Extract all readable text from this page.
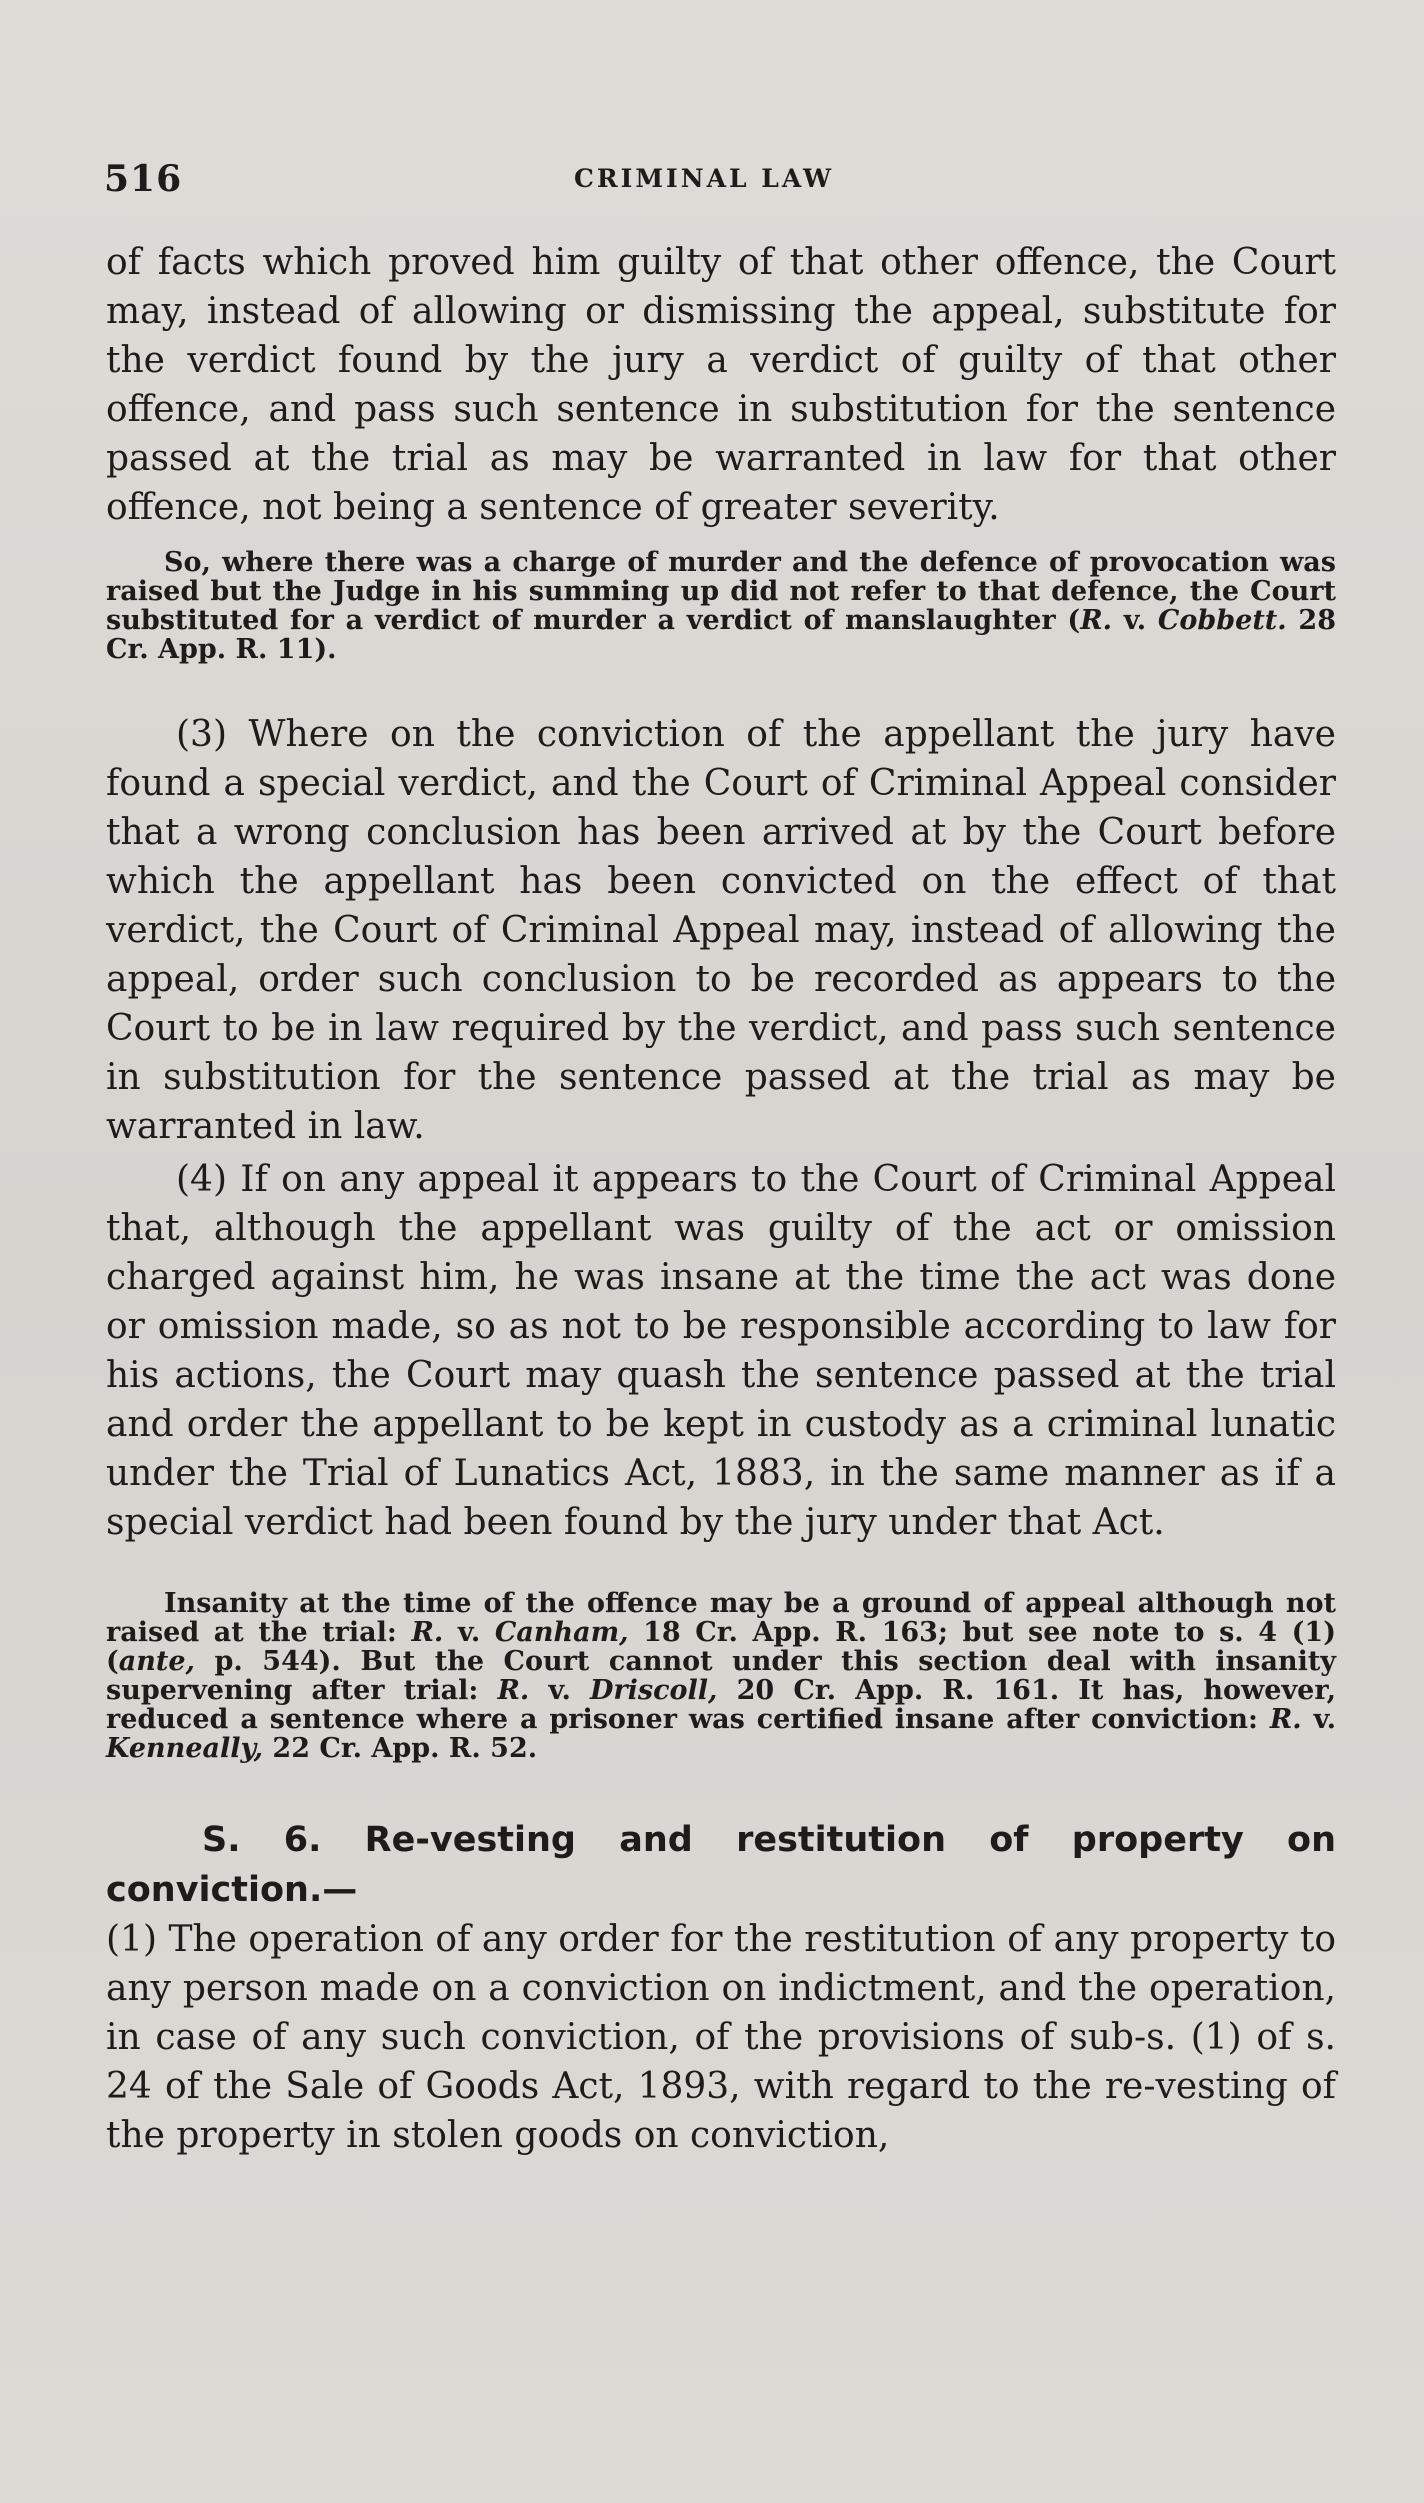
516	CRIMINAL LAW

of facts which proved him guilty of that other offence, the Court may, instead of allowing or dismissing the appeal, substitute for the verdict found by the jury a verdict of guilty of that other offence, and pass such sentence in substitution for the sentence passed at the trial as may be warranted in law for that other offence, not being a sentence of greater severity.

So, where there was a charge of murder and the defence of provocation was raised but the Judge in his summing up did not refer to that defence, the Court substituted for a verdict of murder a verdict of manslaughter (R. v. Cobbett. 28 Cr. App. R. 11).

(3) Where on the conviction of the appellant the jury have found a special verdict, and the Court of Criminal Appeal consider that a wrong conclusion has been arrived at by the Court before which the appellant has been convicted on the effect of that verdict, the Court of Criminal Appeal may, instead of allowing the appeal, order such conclusion to be recorded as appears to the Court to be in law required by the verdict, and pass such sentence in substitution for the sentence passed at the trial as may be warranted in law.

(4) If on any appeal it appears to the Court of Criminal Appeal that, although the appellant was guilty of the act or omission charged against him, he was insane at the time the act was done or omission made, so as not to be responsible according to law for his actions, the Court may quash the sentence passed at the trial and order the appellant to be kept in custody as a criminal lunatic under the Trial of Lunatics Act, 1883, in the same manner as if a special verdict had been found by the jury under that Act.

Insanity at the time of the offence may be a ground of appeal although not raised at the trial: R. v. Canham, 18 Cr. App. R. 163; but see note to s. 4 (1) (ante, p. 544). But the Court cannot under this section deal with insanity supervening after trial: R. v. Driscoll, 20 Cr. App. R. 161. It has, however, reduced a sentence where a prisoner was certified insane after conviction: R. v. Kenneally, 22 Cr. App. R. 52.

S. 6. Re-vesting and restitution of property on conviction.—
(1) The operation of any order for the restitution of any property to any person made on a conviction on indictment, and the operation, in case of any such conviction, of the provisions of sub-s. (1) of s. 24 of the Sale of Goods Act, 1893, with regard to the re-vesting of the property in stolen goods on conviction,
